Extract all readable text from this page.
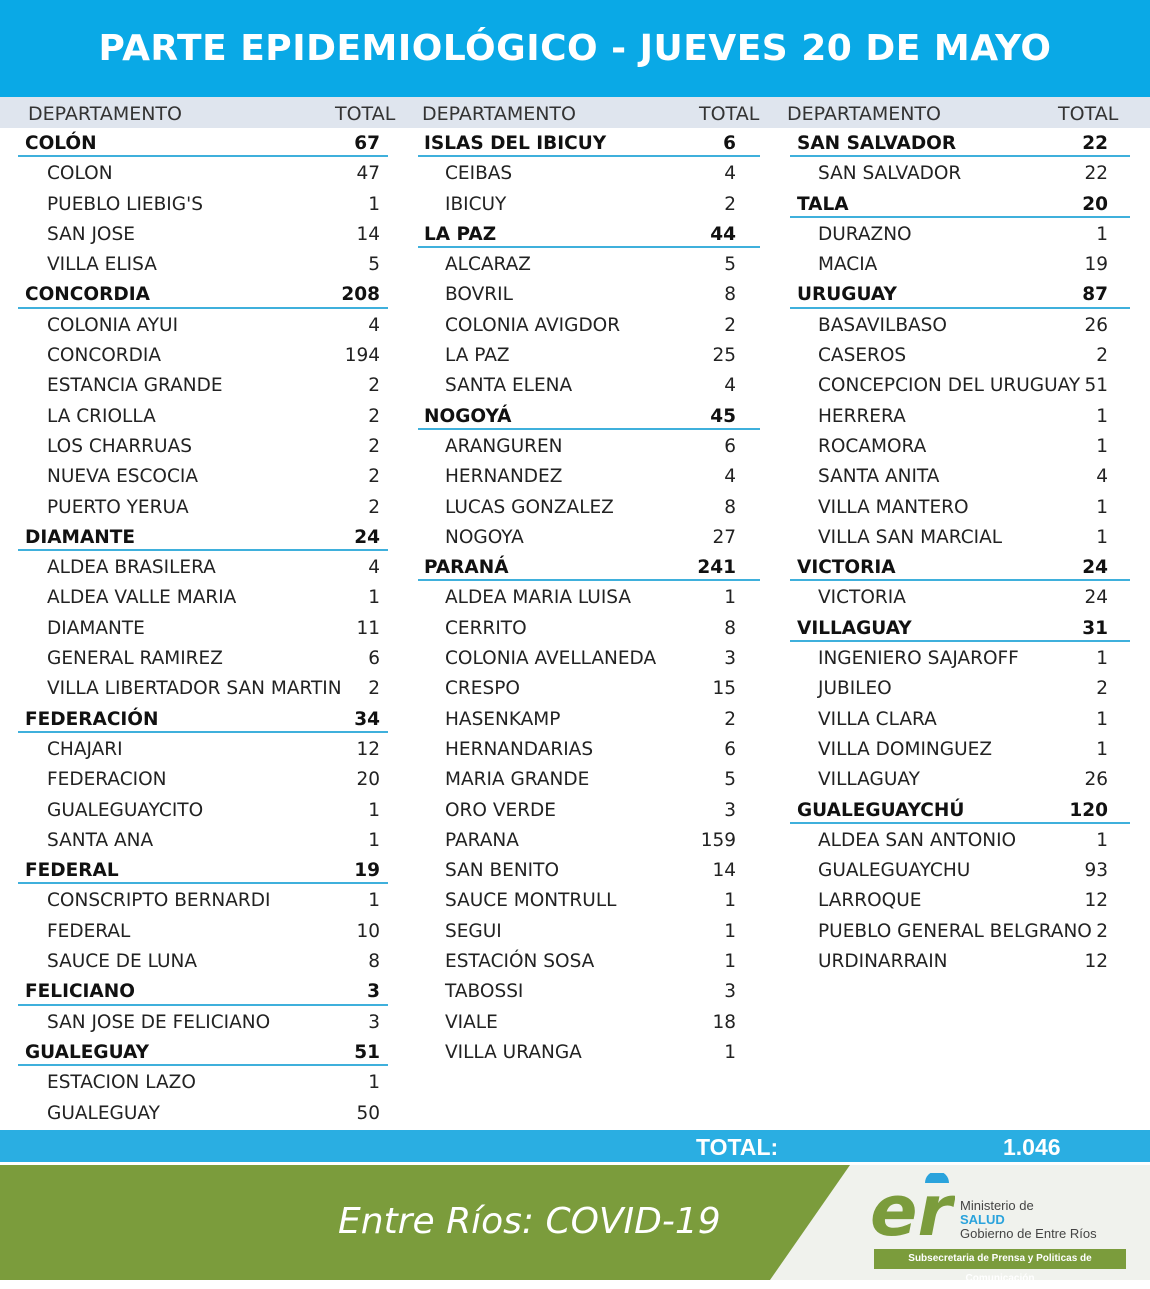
PARTE EPIDEMIOLÓGICO - JUEVES 20 DE MAYO
DEPARTAMENTO	TOTAL DEPARTAMENTO	TOTAL DEPARTAMENTO	TOTAL
COLÓN	67
COLON	47
PUEBLO LIEBIG'S	1
SAN JOSE	14
VILLA ELISA	5
CONCORDIA	208
COLONIA AYUI	4
CONCORDIA	194
ESTANCIA GRANDE	2
LA CRIOLLA	2
LOS CHARRUAS	2
NUEVA ESCOCIA	2
PUERTO YERUA	2
DIAMANTE	24
ALDEA BRASILERA	4
ALDEA VALLE MARIA	1
DIAMANTE	11
GENERAL RAMIREZ	6
VILLA LIBERTADOR SAN MARTIN 2
FEDERACIÓN	34
CHAJARI	12
FEDERACION	20
GUALEGUAYCITO	1
SANTA ANA	1
FEDERAL	19
CONSCRIPTO BERNARDI	1
FEDERAL	10
SAUCE DE LUNA	8
FELICIANO	3
SAN JOSE DE FELICIANO	3
GUALEGUAY	51
ESTACION LAZO	1
GUALEGUAY	50
ISLAS DEL IBICUY	6
CEIBAS	4
IBICUY	2
LA PAZ	44
ALCARAZ	5
BOVRIL	8
COLONIA AVIGDOR	2
LA PAZ	25
SANTA ELENA	4
NOGOYÁ	45
ARANGUREN	6
HERNANDEZ	4
LUCAS GONZALEZ	8
NOGOYA	27
PARANÁ	241
ALDEA MARIA LUISA	1
CERRITO	8
COLONIA AVELLANEDA	3
CRESPO	15
HASENKAMP	2
HERNANDARIAS	6
MARIA GRANDE	5
ORO VERDE	3
PARANA	159
SAN BENITO	14
SAUCE MONTRULL	1
SEGUI	1
ESTACIÓN SOSA	1
TABOSSI	3
VIALE	18
VILLA URANGA	1
SAN SALVADOR	22
SAN SALVADOR	22
TALA	20
DURAZNO	1
MACIA	19
URUGUAY	87
BASAVILBASO	26
CASEROS	2
CONCEPCION DEL URUGUAY 51
HERRERA	1
ROCAMORA	1
SANTA ANITA	4
VILLA MANTERO	1
VILLA SAN MARCIAL	1
VICTORIA	24
VICTORIA	24
VILLAGUAY	31
INGENIERO SAJAROFF	1
JUBILEO	2
VILLA CLARA	1
VILLA DOMINGUEZ	1
VILLAGUAY	26
GUALEGUAYCHÚ	120
ALDEA SAN ANTONIO	1
GUALEGUAYCHU	93
LARROQUE	12
PUEBLO GENERAL BELGRANO 2
URDINARRAIN	12
TOTAL:	1.046
Entre Ríos: COVID-19 er Ministerio de
SALUD
Gobierno de Entre Ríos
Subsecretaria de Prensa y Politicas de Comunicación
